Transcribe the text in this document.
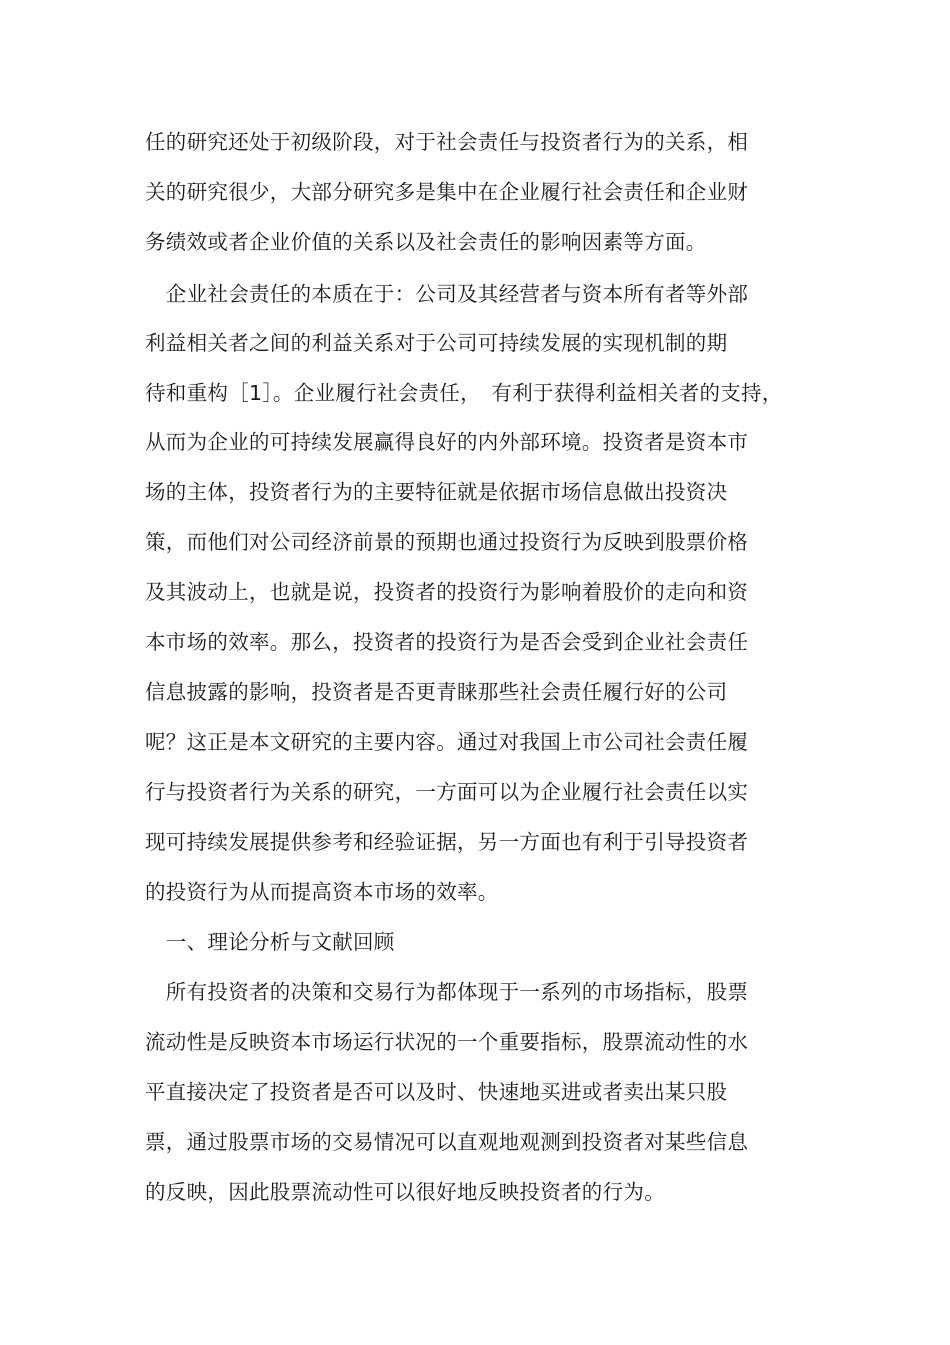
任的研究还处于初级阶段，对于社会责任与投资者行为的关系，相
关的研究很少，大部分研究多是集中在企业履行社会责任和企业财
务绩效或者企业价值的关系以及社会责任的影响因素等方面。
　企业社会责任的本质在于：公司及其经营者与资本所有者等外部
利益相关者之间的利益关系对于公司可持续发展的实现机制的期
待和重构［1］。企业履行社会责任，　有利于获得利益相关者的支持，
从而为企业的可持续发展赢得良好的内外部环境。投资者是资本市
场的主体，投资者行为的主要特征就是依据市场信息做出投资决
策，而他们对公司经济前景的预期也通过投资行为反映到股票价格
及其波动上，也就是说，投资者的投资行为影响着股价的走向和资
本市场的效率。那么，投资者的投资行为是否会受到企业社会责任
信息披露的影响，投资者是否更青睐那些社会责任履行好的公司
呢？这正是本文研究的主要内容。通过对我国上市公司社会责任履
行与投资者行为关系的研究，一方面可以为企业履行社会责任以实
现可持续发展提供参考和经验证据，另一方面也有利于引导投资者
的投资行为从而提高资本市场的效率。
　一、理论分析与文献回顾
　所有投资者的决策和交易行为都体现于一系列的市场指标，股票
流动性是反映资本市场运行状况的一个重要指标，股票流动性的水
平直接决定了投资者是否可以及时、快速地买进或者卖出某只股
票，通过股票市场的交易情况可以直观地观测到投资者对某些信息
的反映，因此股票流动性可以很好地反映投资者的行为。
